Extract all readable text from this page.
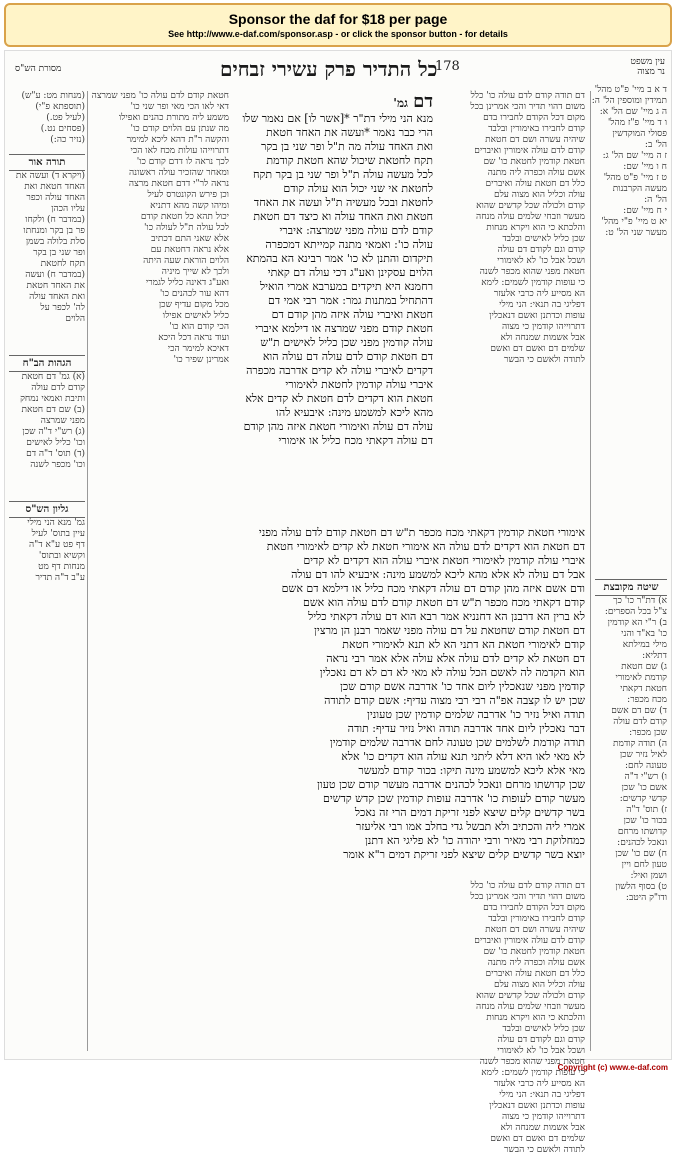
Sponsor the daf for $18 per page
See http://www.e-daf.com/sponsor.asp - or click the sponsor button - for details
עין משפט
נר מצוה
178
כל התדיר פרק עשירי זבחים
מסורת הש"ס
ד א ב מיי' פ"ט מהל'
תמידין ומוספין הל' ה:
ה ג מיי' שם הל' א:
ו ד מיי' פ"ז מהל'
פסולי המוקדשין
הל' ב:
ז ה מיי' שם הל' ג:
ח ו מיי' שם:
ט ז מיי' פ"ט מהל'
מעשה הקרבנות
הל' ה:
י ח מיי' שם:
יא ט מיי' פ"י מהל'
מעשר שני הל' ט:
שיטה מקובצת
א) דת"ר כו' כך
צ"ל בכל הספרים:
ב) ר"י הא קודמין
כו' בא"ד והני
מילי במילתא
דתליא:
ג) שם חטאת
קודמת לאימורי
חטאת דקאתי
מכח מכפר:
ד) שם דם אשם
קודם לדם עולה
שכן מכפר:
ה) תודה קודמת
לאיל נזיר שכן
טעונה לחם:
ו) רש"י ד"ה
אשם כו' שכן
קדשי קדשים:
ז) תוס' ד"ה
בכור כו' שכן
קדושתו מרחם
ונאכל לכהנים:
ח) שם כו' שכן
טעון לחם ויין
ושמן ואיל:
ט) בסוף הלשון
ודו"ק היטב:
דם תודה קודם לדם עולה כו' כלל
משום דהוי תדיר והכי אמרינן בכל
מקום דכל הקודם לחבירו בדם
קודם לחבירו באימורין ובלבד
שיהיה עשרה ושם דם חטאת
קודם לדם עולה אימורין ואיברים
חטאת קודמין לחטאת כו' שם
אשם עולה וכפרה ליה מתנה
כלל דם חטאת עולה ואיברים
עולה וכליל הוא מצוה עלם
קודם ולכולה שכל קדשים שהוא
מעשר וזבחי שלמים עולה מנחה
והלכתא כי הוא ויקרא מנחות
שכן כליל לאישים ובלבד
קודם וגם לקודם דם עולה
ושכל אבל כו' לא לאימורי
חטאת מפני שהוא מכפר לשנה
כי עופות קודמין לשמים: לימא
הא מסייע ליה כרבי אלעזר
דפליגי בה תנאי: הני מילי
עופות וכדתנן ואשם דנאכלין
דתרוייהו קודמין כי מצוה
אבל אשמות שמנחה ולא
שלמים דם ואשם דם ואשם
לתודה ולאשם כי הבשר
דם גמ'
מנא הני מילי דת"ר *[אשר לו] אם נאמר שלו
הרי כבר נאמר *ועשה את האחד חטאת
ואת האחד עולה מה ת"ל ופר שני בן בקר
תקח לחטאת שיכול שהא חטאת קודמת
לכל מעשה עולה ת"ל ופר שני בן בקר תקח
לחטאת אי שני יכול הוא עולה קודם
לחטאת ובכל מעשיה ת"ל ועשה את האחד
חטאת ואת האחד עולה וא כיצד דם חטאת
קודם לדם עולה מפני שמרצה: איברי
עולה כו': ואמאי מתנה קמייתא דמכפרה
תיקדום והתנן לא כו' אמר רבינא הא בהמתא
הלוים עסקינן ואע"ג דכי עולה דם קאתי
רחמנא היא תיקדים במערבא אמרי הואיל
דהתחיל במתנות גמר: אמר רבי אמי דם
חטאת ואיברי עולה איזה מהן קודם דם
חטאת קודם מפני שמרצה או דילמא איברי
עולה קודמין מפני שכן כליל לאישים ת"ש
דם חטאת קודם לדם עולה דם עולה הוא
דקדים לאיברי עולה לא קדים אדרבה מכפרה
איברי עולה קודמין לחטאת לאימורי
חטאת הוא דקדים לדם חטאת לא קדים אלא
מהא ליכא למשמע מינה: איבעיא להו
עולה דם עולה ואימורי חטאת איזה מהן קודם
דם עולה דקאתי מכח כליל או אימורי
חטאת קודם לדם עולה כו' מפני שמרצה
דאי לאו הכי מאי ופר שני כו'
משמע ליה מתורת כהנים ואפילו
מה שנתן עם הלוים קודם כו'
והקשה ר"ת דהא ליכא למימר
דתרוייהו עולות מכח לאו הכי
לכך נראה לו דדם קודם כו'
ומאחר שהזכיר עולה ראשונה
נראה לר"י דדם חטאת מרצה
וכן פירש הקונטרס לעיל
ומיהו קשה מהא דתניא
יכול תהא כל חטאת קודם
לכל עולה ת"ל לעולה כו'
אלא שאני התם דכתיב
אלא נראה דחטאת עם
הלוים הוראת שעה היתה
ולכך לא שייך מיניה
ואע"ג דאינה כליל לגמרי
דהא עור לכהנים כו'
מכל מקום עדיף שכן
כליל לאישים אפילו
הכי קודם הוא כו'
ועוד נראה דכל היכא
דאיכא למימר הכי
אמרינן שפיר כו'
אימורי חטאת קודמין דקאתי מכח מכפר ת"ש דם חטאת קודם לדם עולה מפני
דם חטאת הוא דקדים לדם עולה הא אימורי חטאת לא קדים לאימורי חטאת
איברי עולה קודמין לאימורי חטאת איברי עולה הוא דקדים לא קדים
אבל דם עולה לא אלא מהא ליכא למשמע מינה: איבעיא להו דם עולה
ודם אשם איזה מהן קודם דם עולה דקאתי מכח כליל או דילמא דם אשם
קודם דקאתי מכח מכפר ת"ש דם חטאת קודם לדם עולה הוא אשם
לא ברין הא דרבנן הא דחנניא אמר רבא הוא דם עולה דקאתי כליל
דם חטאת קודם שחטאת על דם עולה מפני שאמר רבנן הן מרצין
קודם לאימורי חטאת הא דתני הא לא תנא לאימורי חטאת
דם חטאת לא קדים לדם עולה אלא עולה אלא אמר רבי נראה
הוא הקדמה לה לאשם הכל עולה לא מאי לא דם לא דם נאכלין
קודמין מפני שנאכלין ליום אחד כו' אדרבה אשם קודם שכן
שכן יש לו קצבה אפ"ה רבי רבי מצוה עדיף: אשם קודם לתודה
תודה ואיל נזיר כו' אדרבה שלמים קודמין שכן טעונין
דבר נאכלין ליום אחד אדרבה תודה ואיל נזיר עדיף: תודה
תודה קודמת לשלמים שכן טעונה לחם אדרבה שלמים קודמין
לא מאי לאו היא דלא ליתני תנא עולה הוא דקדים כו' אלא
מאי אלא ליכא למשמע מינה תיקו: בכור קודם למעשר
שכן קדושתו מרחם ונאכל לכהנים אדרבה מעשר קודם שכן טעון
מעשר קודם לעופות כו' אדרבה עופות קודמין שכן קדש קדשים
בשר קדשים קלים שיצא לפני זריקת דמים הרי זה נאכל
אמרי ליה והכתיב ולא תבשל גדי בחלב אמו רבי אליעזר
כמחלוקת רבי מאיר ורבי יהודה כו' לא פליגי הא דתנן
יוצא בשר קדשים קלים שיצא לפני זריקת דמים ר"א אומר
דם תודה קודם לדם עולה כו' כלל
משום דהוי תדיר והכי אמרינן בכל
מקום דכל הקודם לחבירו בדם
קודם לחבירו באימורין ובלבד
שיהיה עשרה ושם דם חטאת
קודם לדם עולה אימורין ואיברים
חטאת קודמין לחטאת כו' שם
אשם עולה וכפרה ליה מתנה
כלל דם חטאת עולה ואיברים
עולה וכליל הוא מצוה עלם
קודם ולכולה שכל קדשים שהוא
מעשר וזבחי שלמים עולה מנחה
והלכתא כי הוא ויקרא מנחות
שכן כליל לאישים ובלבד
קודם וגם לקודם דם עולה
ושכל אבל כו' לא לאימורי
חטאת מפני שהוא מכפר לשנה
כי עופות קודמין לשמים: לימא
הא מסייע ליה כרבי אלעזר
דפליגי בה תנאי: הני מילי
עופות וכדתנן ואשם דנאכלין
דתרוייהו קודמין כי מצוה
אבל אשמות שמנחה ולא
שלמים דם ואשם דם ואשם
לתודה ולאשם כי הבשר
(מנחות מט: ע"ש)
(תוספתא פ"י)
(לעיל פט.)
(פסחים נט.)
(נזיר כה:)
תורה אור
(ויקרא ד) ועשה את
האחד חטאת ואת
האחד עולה וכפר
עליו הכהן
(במדבר ח) ולקחו
פר בן בקר ומנחתו
סלת בלולה בשמן
ופר שני בן בקר
תקח לחטאת
(במדבר ח) ועשה
את האחד חטאת
ואת האחד עולה
לה' לכפר על
הלוים
הגהות הב"ח
(א) גמ' דם חטאת
קודם לדם עולה
ותיבת ואמאי נמחק
(ב) שם דם חטאת
מפני שמרצה
(ג) רש"י ד"ה שכן
וכו' כליל לאישים
(ד) תוס' ד"ה דם
וכו' מכפר לשנה
גליון הש"ס
גמ' מנא הני מילי
עיין בתוס' לעיל
דף פט ע"א ד"ה
וקשיא ובתוס'
מנחות דף מט
ע"ב ד"ה תדיר
Copyright (c) www.e-daf.com
